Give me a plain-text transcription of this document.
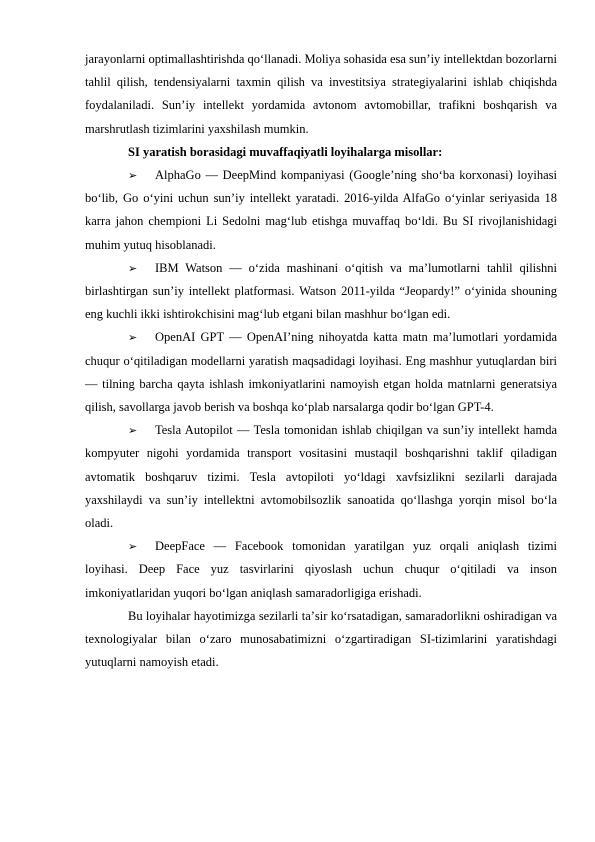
jarayonlarni optimallashtirishda qoʻllanadi. Moliya sohasida esa sunʼiy intellektdan bozorlarni tahlil qilish, tendensiyalarni taxmin qilish va investitsiya strategiyalarini ishlab chiqishda foydalaniladi. Sunʼiy intellekt yordamida avtonom avtomobillar, trafikni boshqarish va marshrutlash tizimlarini yaxshilash mumkin.

SI yaratish borasidagi muvaffaqiyatli loyihalarga misollar:

➢ AlphaGo — DeepMind kompaniyasi (Googleʼning shoʻba korxonasi) loyihasi boʻlib, Go oʻyini uchun sunʼiy intellekt yaratadi. 2016-yilda AlfaGo oʻyinlar seriyasida 18 karra jahon chempioni Li Sedolni magʻlub etishga muvaffaq boʻldi. Bu SI rivojlanishidagi muhim yutuq hisoblanadi.

➢ IBM Watson — oʻzida mashinani oʻqitish va maʼlumotlarni tahlil qilishni birlashtirgan sunʼiy intellekt platformasi. Watson 2011-yilda “Jeopardy!” oʻyinida shouning eng kuchli ikki ishtirokchisini magʻlub etgani bilan mashhur boʻlgan edi.

➢ OpenAI GPT — OpenAIʼning nihoyatda katta matn maʼlumotlari yordamida chuqur oʻqitiladigan modellarni yaratish maqsadidagi loyihasi. Eng mashhur yutuqlardan biri — tilning barcha qayta ishlash imkoniyatlarini namoyish etgan holda matnlarni generatsiya qilish, savollarga javob berish va boshqa koʻplab narsalarga qodir boʻlgan GPT-4.

➢ Tesla Autopilot — Tesla tomonidan ishlab chiqilgan va sunʼiy intellekt hamda kompyuter nigohi yordamida transport vositasini mustaqil boshqarishni taklif qiladigan avtomatik boshqaruv tizimi. Tesla avtopiloti yoʻldagi xavfsizlikni sezilarli darajada yaxshilaydi va sunʼiy intellektni avtomobilsozlik sanoatida qoʻllashga yorqin misol boʻla oladi.

➢ DeepFace — Facebook tomonidan yaratilgan yuz orqali aniqlash tizimi loyihasi. Deep Face yuz tasvirlarini qiyoslash uchun chuqur oʻqitiladi va inson imkoniyatlaridan yuqori boʻlgan aniqlash samaradorligiga erishadi.

Bu loyihalar hayotimizga sezilarli taʼsir koʻrsatadigan, samaradorlikni oshiradigan va texnologiyalar bilan oʻzaro munosabatimizni oʻzgartiradigan SI-tizimlarini yaratishdagi yutuqlarni namoyish etadi.
